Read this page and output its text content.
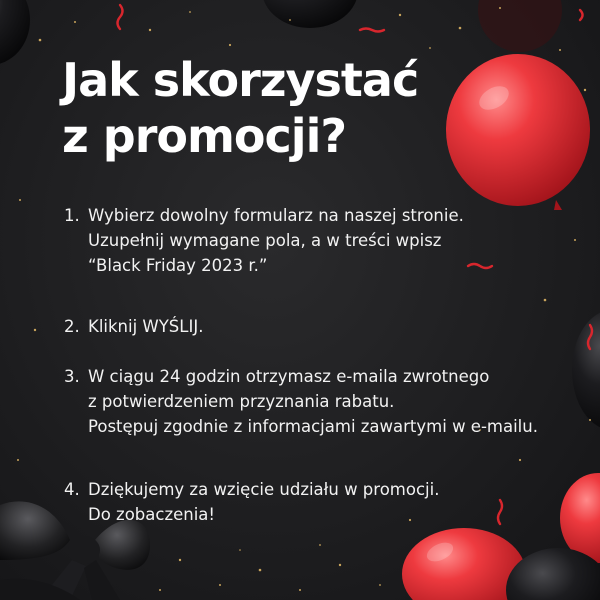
Jak skorzystać
z promocji?
1. Wybierz dowolny formularz na naszej stronie.
Uzupełnij wymagane pola, a w treści wpisz
“Black Friday 2023 r.”
2. Kliknij WYŚLIJ.
3. W ciągu 24 godzin otrzymasz e-maila zwrotnego
z potwierdzeniem przyznania rabatu.
Postępuj zgodnie z informacjami zawartymi w e-mailu.
4. Dziękujemy za wzięcie udziału w promocji.
Do zobaczenia!
